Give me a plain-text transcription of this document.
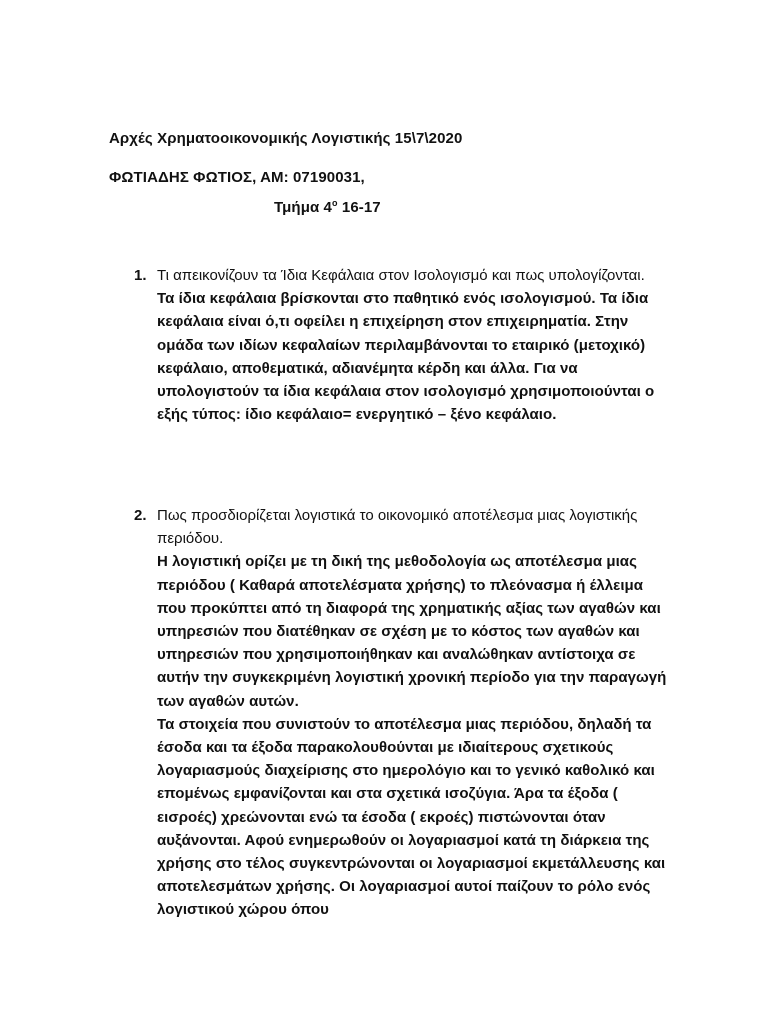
Αρχές Χρηματοοικονομικής Λογιστικής 15\7\2020
ΦΩΤΙΑΔΗΣ ΦΩΤΙΟΣ, ΑΜ: 07190031,
Τμήμα $4^o$ 16-17
1. Τι απεικονίζουν τα Ίδια Κεφάλαια στον Ισολογισμό και πως υπολογίζονται.

Τα ίδια κεφάλαια βρίσκονται στο παθητικό ενός ισολογισμού. Τα ίδια κεφάλαια είναι ό,τι οφείλει η επιχείρηση στον επιχειρηματία. Στην ομάδα των ιδίων κεφαλαίων περιλαμβάνονται το εταιρικό (μετοχικό) κεφάλαιο, αποθεματικά, αδιανέμητα κέρδη και άλλα. Για να υπολογιστούν τα ίδια κεφάλαια στον ισολογισμό χρησιμοποιούνται ο εξής τύπος: ίδιο κεφάλαιο= ενεργητικό – ξένο κεφάλαιο.

2. Πως προσδιορίζεται λογιστικά το οικονομικό αποτέλεσμα μιας λογιστικής περιόδου.

Η λογιστική ορίζει με τη δική της μεθοδολογία ως αποτέλεσμα μιας περιόδου ( Καθαρά αποτελέσματα χρήσης) το πλεόνασμα ή έλλειμα που προκύπτει από τη διαφορά της χρηματικής αξίας των αγαθών και υπηρεσιών που διατέθηκαν σε σχέση με το κόστος των αγαθών και υπηρεσιών που χρησιμοποιήθηκαν και αναλώθηκαν αντίστοιχα σε αυτήν την συγκεκριμένη λογιστική χρονική περίοδο για την παραγωγή των αγαθών αυτών.

Τα στοιχεία που συνιστούν το αποτέλεσμα μιας περιόδου, δηλαδή τα έσοδα και τα έξοδα παρακολουθούνται με ιδιαίτερους σχετικούς λογαριασμούς διαχείρισης στο ημερολόγιο και το γενικό καθολικό και επομένως εμφανίζονται και στα σχετικά ισοζύγια. Άρα τα έξοδα ( εισροές) χρεώνονται ενώ τα έσοδα ( εκροές) πιστώνονται όταν αυξάνονται. Αφού ενημερωθούν οι λογαριασμοί κατά τη διάρκεια της χρήσης στο τέλος συγκεντρώνονται οι λογαριασμοί εκμετάλλευσης και αποτελεσμάτων χρήσης. Οι λογαριασμοί αυτοί παίζουν το ρόλο ενός λογιστικού χώρου όπου
